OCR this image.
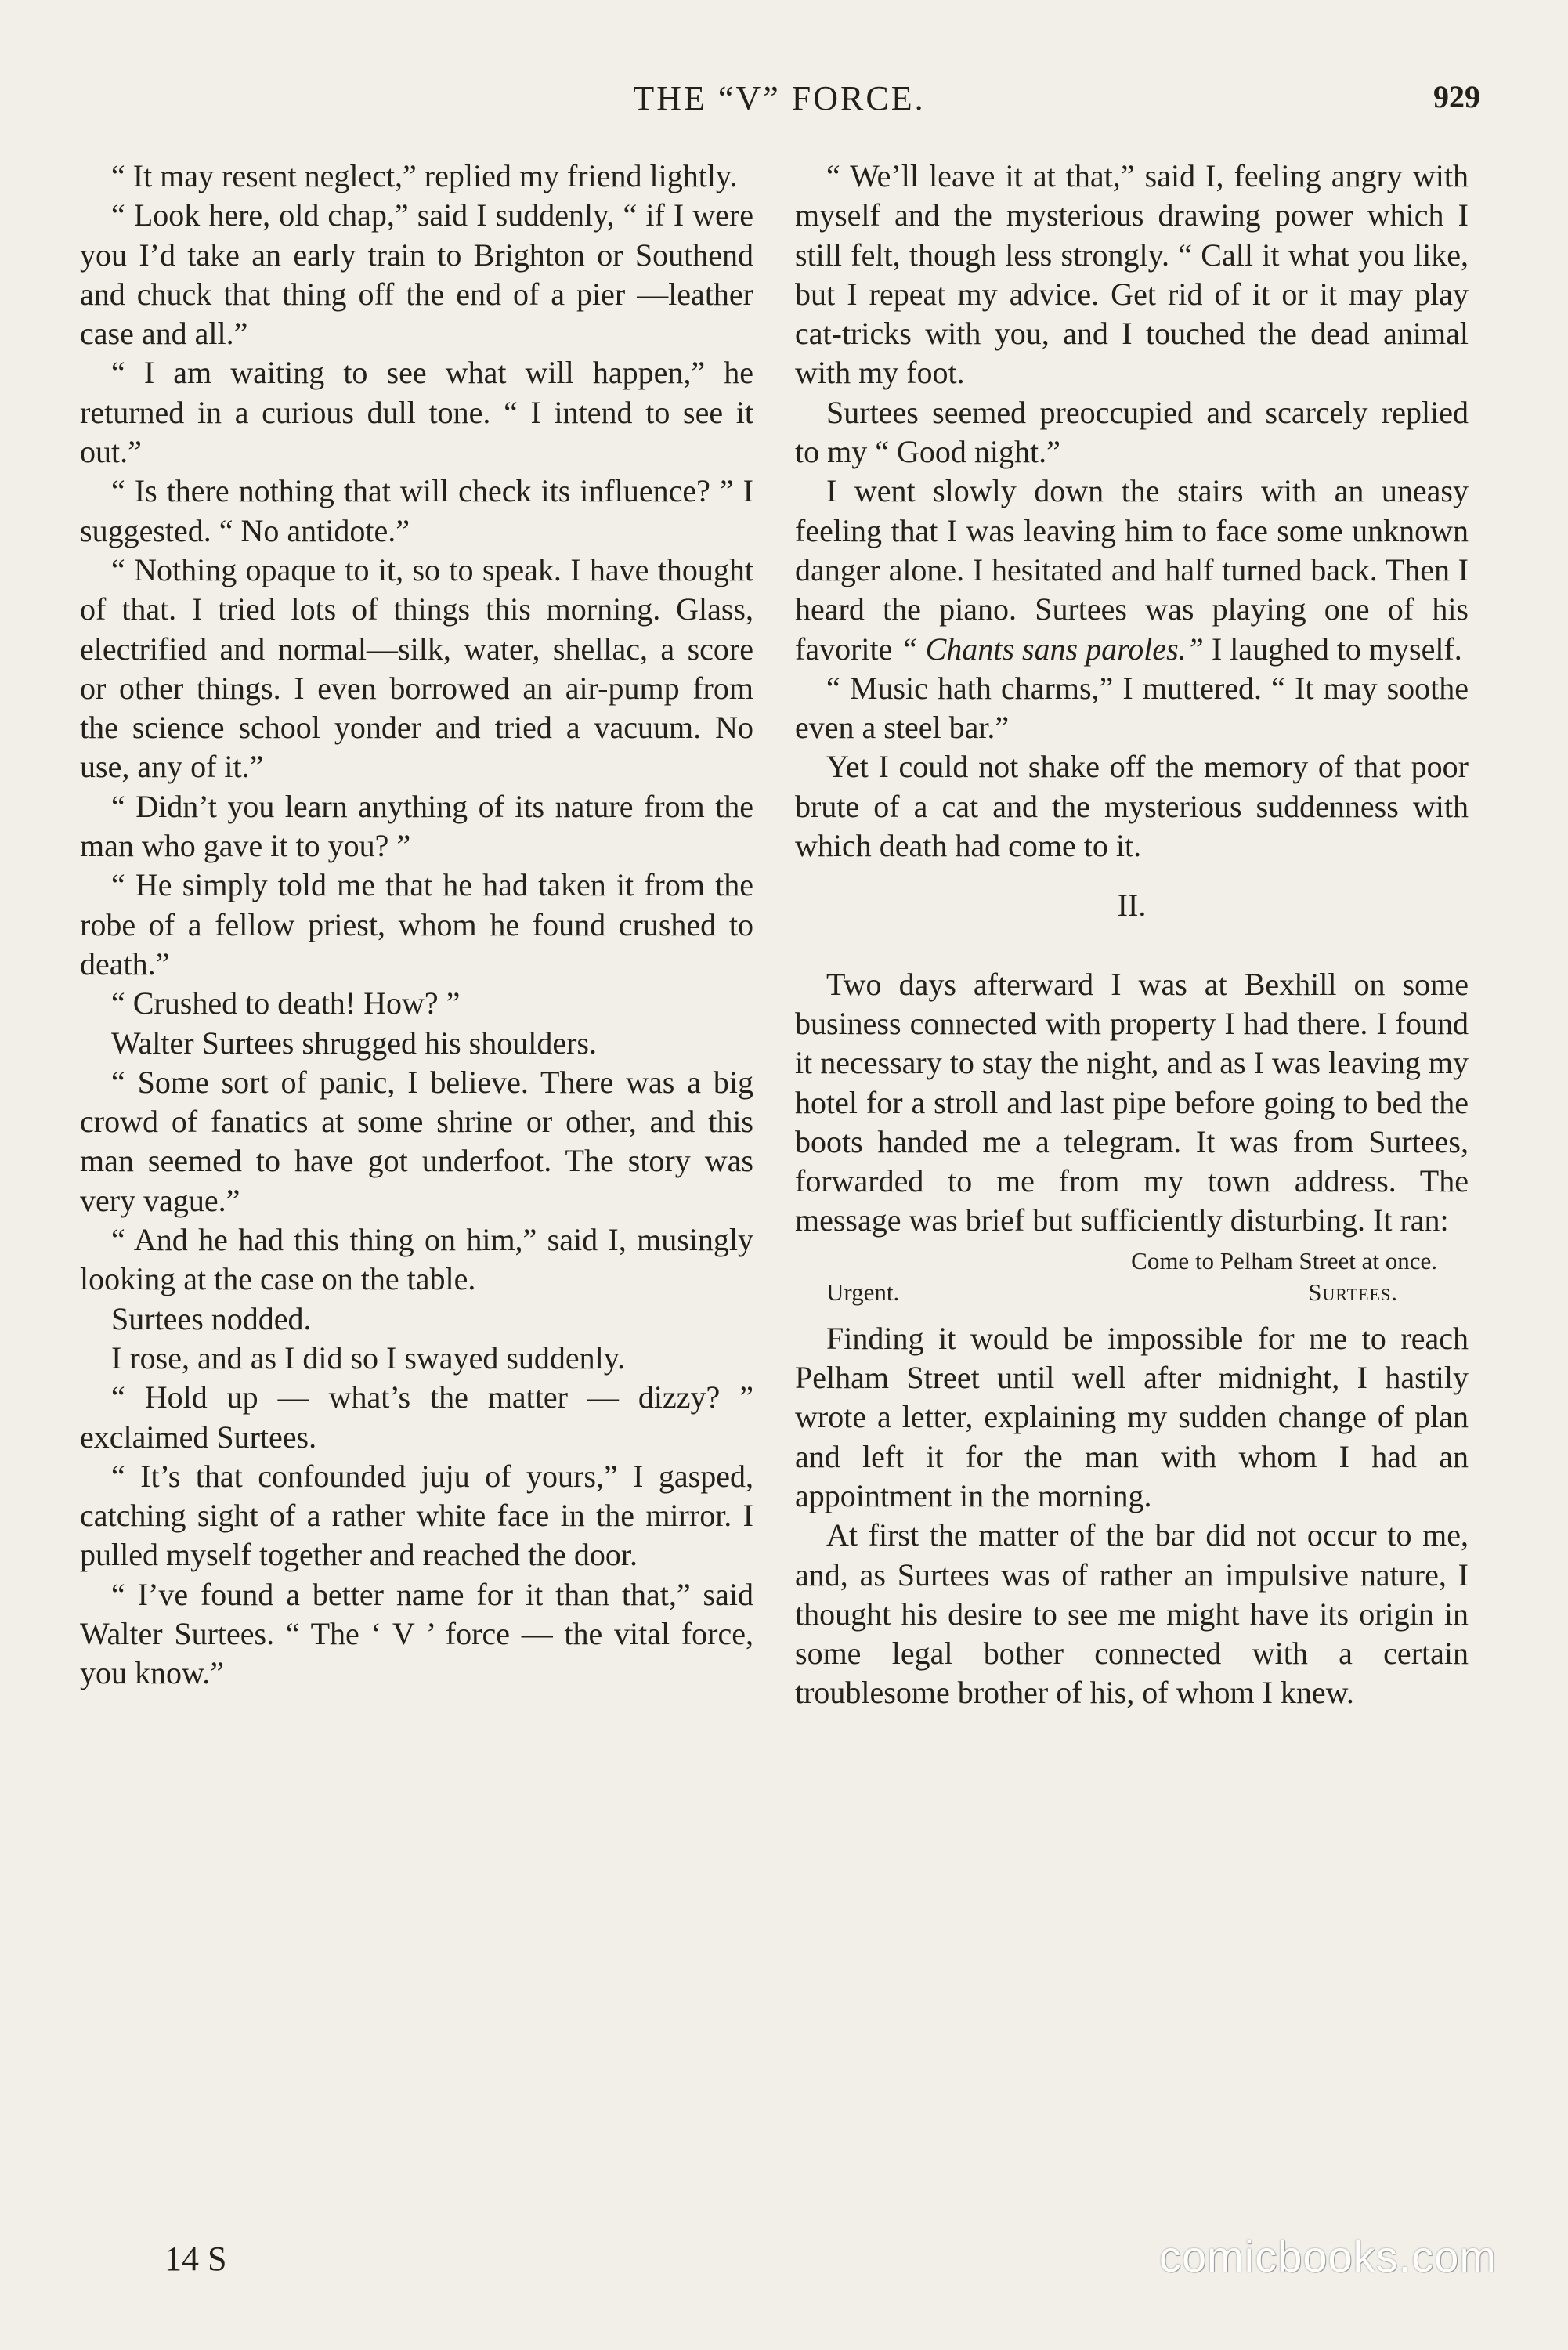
THE “V” FORCE.	929

“ It may resent neglect,” replied my friend lightly.

“ Look here, old chap,” said I suddenly, “ if I were you I’d take an early train to Brighton or Southend and chuck that thing off the end of a pier —leather case and all.”

“ I am waiting to see what will happen,” he returned in a curious dull tone. “ I intend to see it out.”

“ Is there nothing that will check its influence? ” I suggested. “ No antidote.”

“ Nothing opaque to it, so to speak. I have thought of that. I tried lots of things this morning. Glass, electrified and normal—silk, water, shellac, a score or other things. I even borrowed an air-pump from the science school yonder and tried a vacuum. No use, any of it.”

“ Didn’t you learn anything of its nature from the man who gave it to you? ”

“ He simply told me that he had taken it from the robe of a fellow priest, whom he found crushed to death.”

“ Crushed to death! How? ”

Walter Surtees shrugged his shoulders.

“ Some sort of panic, I believe. There was a big crowd of fanatics at some shrine or other, and this man seemed to have got underfoot. The story was very vague.”

“ And he had this thing on him,” said I, musingly looking at the case on the table.

Surtees nodded.

I rose, and as I did so I swayed suddenly.

“ Hold up — what’s the matter — dizzy? ” exclaimed Surtees.

“ It’s that confounded juju of yours,” I gasped, catching sight of a rather white face in the mirror. I pulled myself together and reached the door.

“ I’ve found a better name for it than that,” said Walter Surtees. “ The ‘ V ’ force — the vital force, you know.”

“ We’ll leave it at that,” said I, feeling angry with myself and the mysterious drawing power which I still felt, though less strongly. “ Call it what you like, but I repeat my advice. Get rid of it or it may play cat-tricks with you, and I touched the dead animal with my foot.

Surtees seemed preoccupied and scarcely replied to my “ Good night.”

I went slowly down the stairs with an uneasy feeling that I was leaving him to face some unknown danger alone. I hesitated and half turned back. Then I heard the piano. Surtees was playing one of his favorite “ Chants sans paroles.” I laughed to myself.

“ Music hath charms,” I muttered. “ It may soothe even a steel bar.”

Yet I could not shake off the memory of that poor brute of a cat and the mysterious suddenness with which death had come to it.

II.

Two days afterward I was at Bexhill on some business connected with property I had there. I found it necessary to stay the night, and as I was leaving my hotel for a stroll and last pipe before going to bed the boots handed me a telegram. It was from Surtees, forwarded to me from my town address. The message was brief but sufficiently disturbing. It ran:

Come to Pelham Street at once.
Urgent.	Surtees.

Finding it would be impossible for me to reach Pelham Street until well after midnight, I hastily wrote a letter, explaining my sudden change of plan and left it for the man with whom I had an appointment in the morning.

At first the matter of the bar did not occur to me, and, as Surtees was of rather an impulsive nature, I thought his desire to see me might have its origin in some legal bother connected with a certain troublesome brother of his, of whom I knew.

14 S	comicbooks.com
